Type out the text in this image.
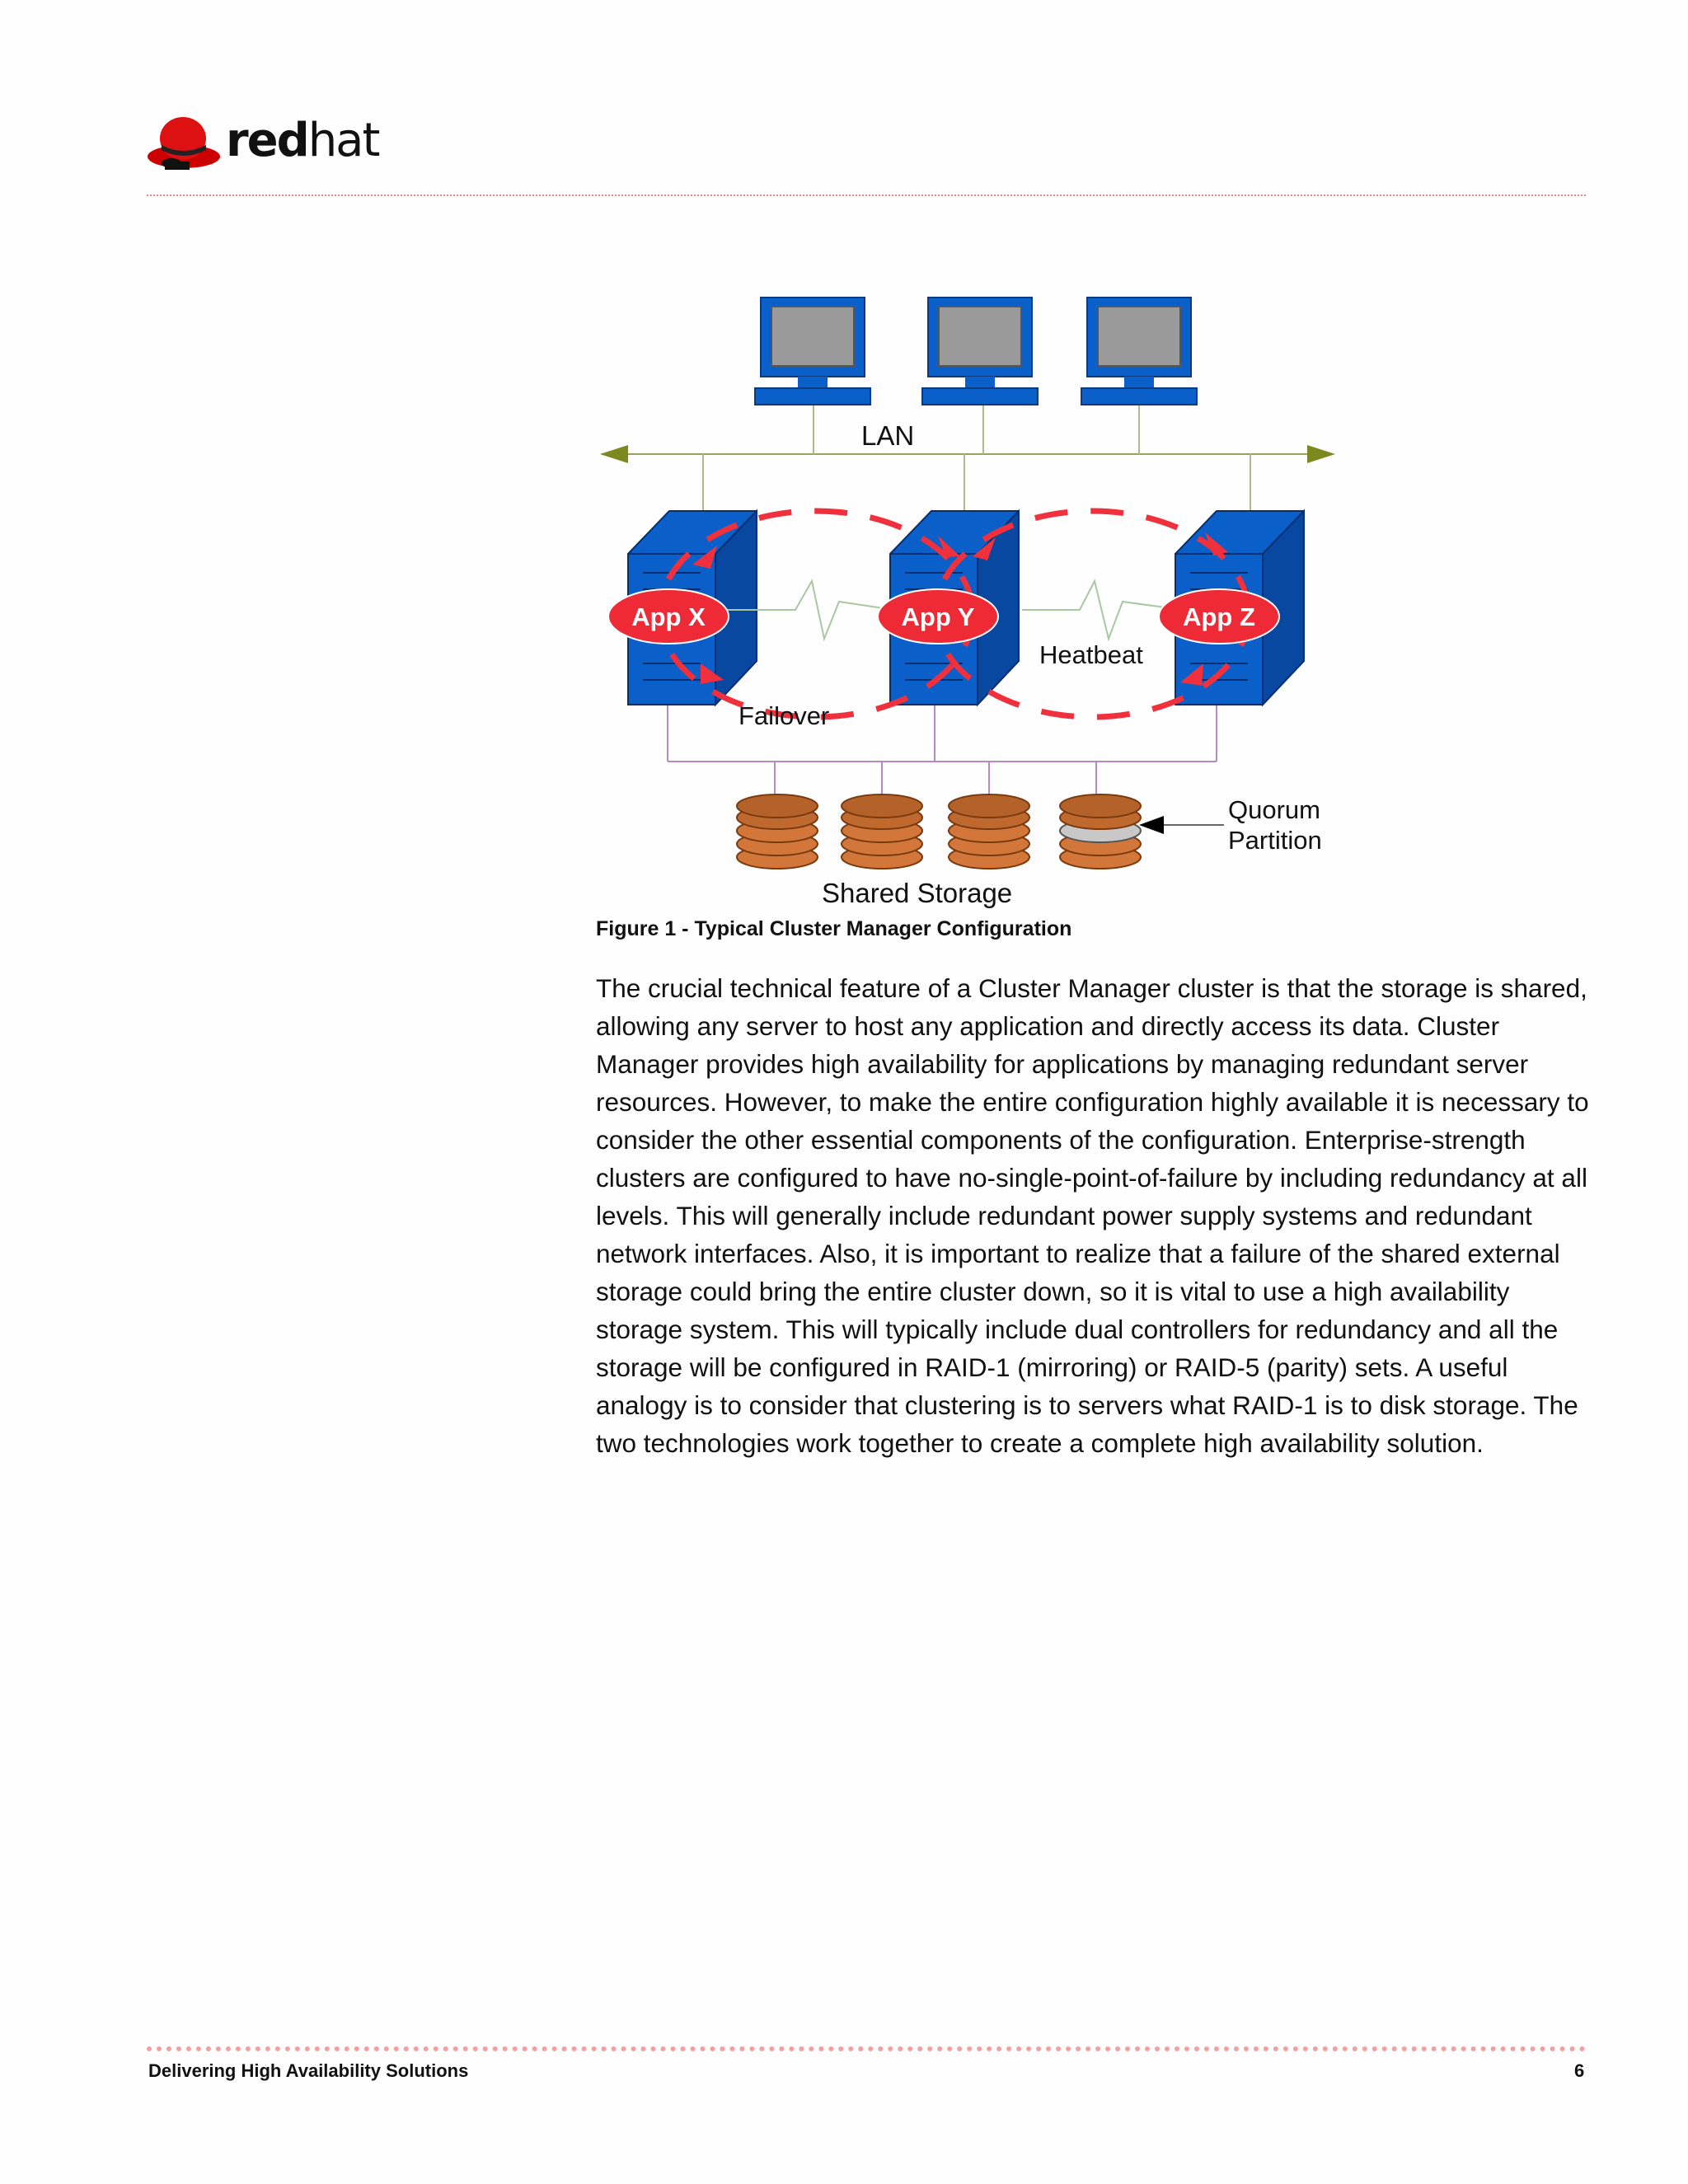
redhat
LAN
App X	App Y	App Z
Heatbeat
Failover
Quorum
Partition
Shared Storage
Figure 1 - Typical Cluster Manager Configuration
The crucial technical feature of a Cluster Manager cluster is that the storage is shared, allowing any server to host any application and directly access its data. Cluster Manager provides high availability for applications by managing redundant server resources. However, to make the entire configuration highly available it is necessary to consider the other essential components of the configuration. Enterprise-strength clusters are configured to have no-single-point-of-failure by including redundancy at all levels. This will generally include redundant power supply systems and redundant network interfaces. Also, it is important to realize that a failure of the shared external storage could bring the entire cluster down, so it is vital to use a high availability storage system. This will typically include dual controllers for redundancy and all the storage will be configured in RAID-1 (mirroring) or RAID-5 (parity) sets. A useful analogy is to consider that clustering is to servers what RAID-1 is to disk storage. The two technologies work together to create a complete high availability solution.
Delivering High Availability Solutions	6
